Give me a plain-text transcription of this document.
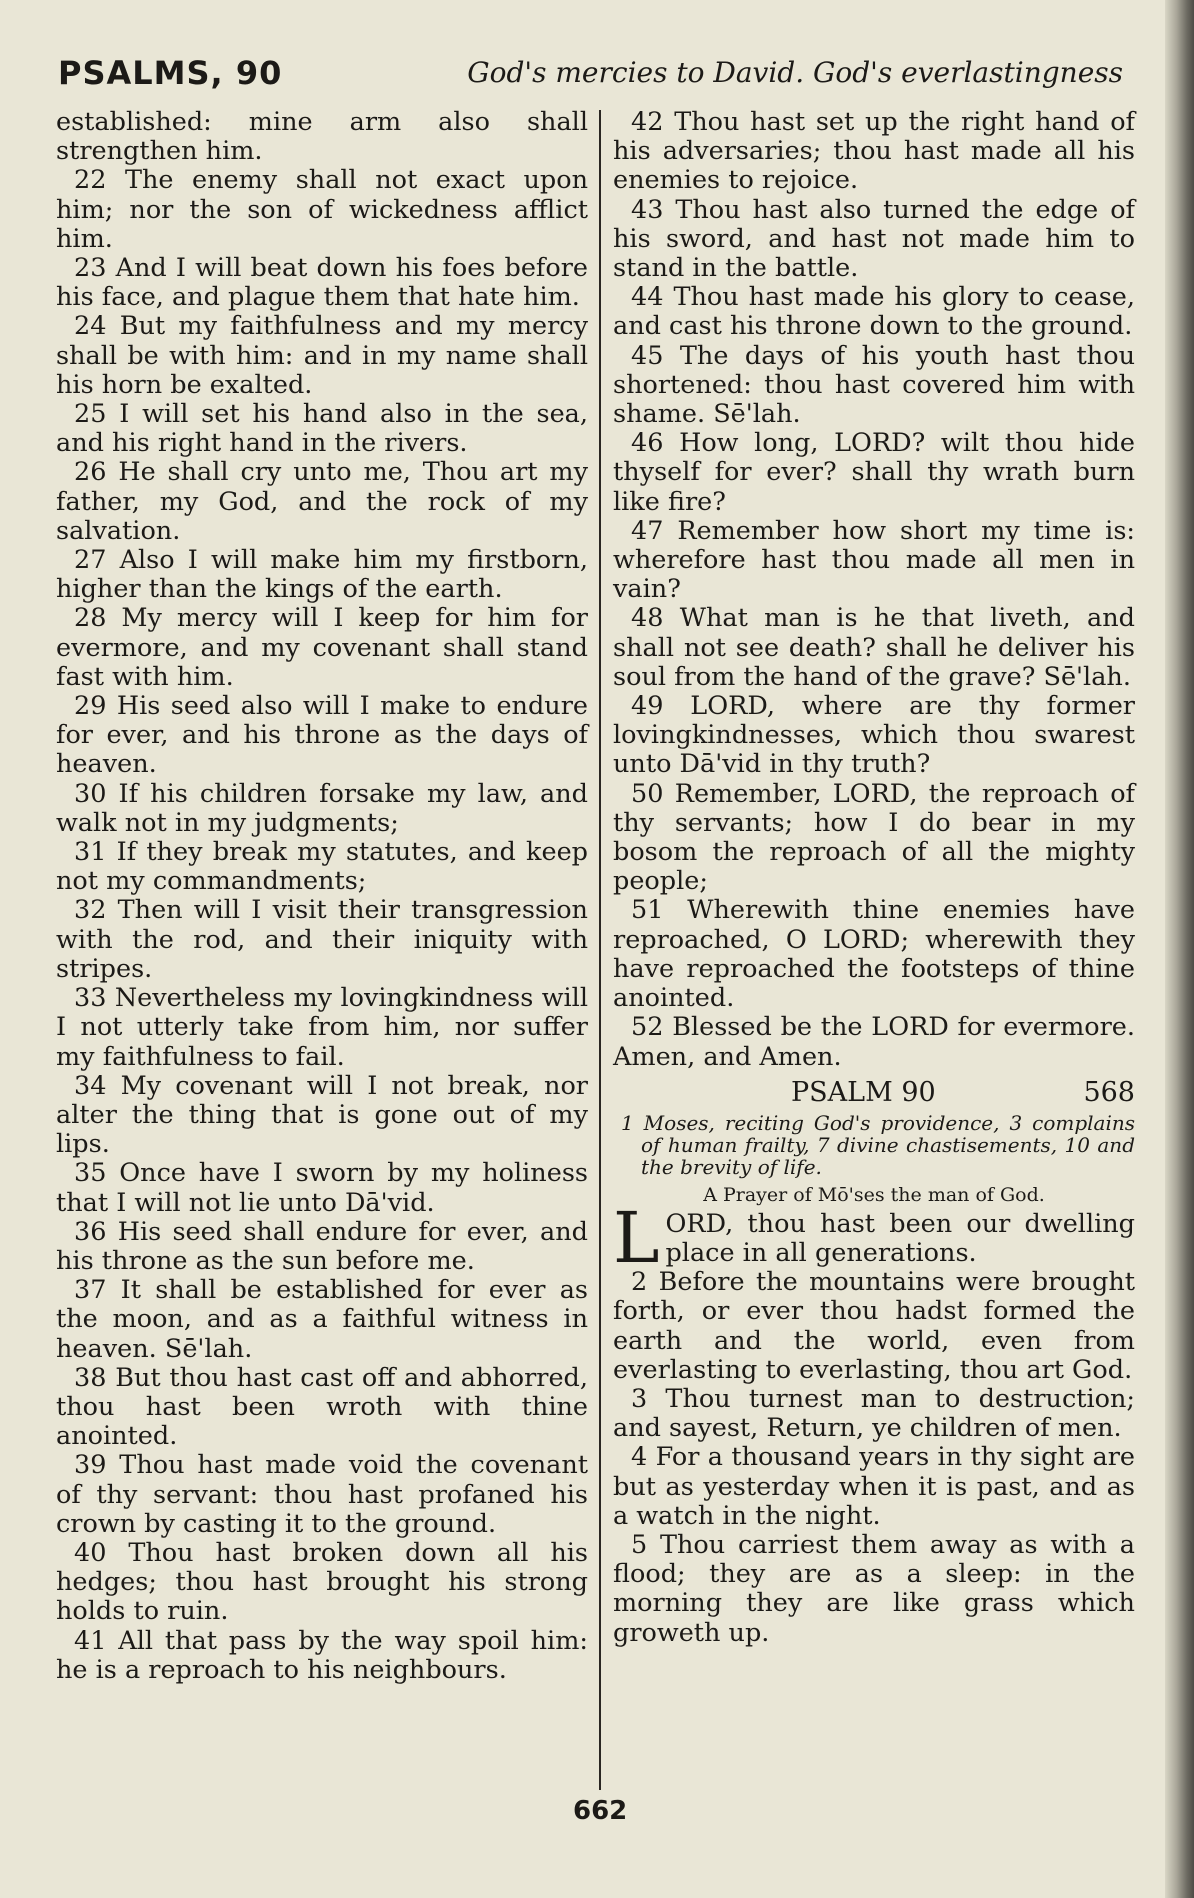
PSALMS, 90	God's mercies to David. God's everlastingness

established: mine arm also shall strengthen him.

22 The enemy shall not exact upon him; nor the son of wickedness afflict him.

23 And I will beat down his foes before his face, and plague them that hate him.

24 But my faithfulness and my mercy shall be with him: and in my name shall his horn be exalted.

25 I will set his hand also in the sea, and his right hand in the rivers.

26 He shall cry unto me, Thou art my father, my God, and the rock of my salvation.

27 Also I will make him my firstborn, higher than the kings of the earth.

28 My mercy will I keep for him for evermore, and my covenant shall stand fast with him.

29 His seed also will I make to endure for ever, and his throne as the days of heaven.

30 If his children forsake my law, and walk not in my judgments;

31 If they break my statutes, and keep not my commandments;

32 Then will I visit their transgression with the rod, and their iniquity with stripes.

33 Nevertheless my lovingkindness will I not utterly take from him, nor suffer my faithfulness to fail.

34 My covenant will I not break, nor alter the thing that is gone out of my lips.

35 Once have I sworn by my holiness that I will not lie unto Dā'vid.

36 His seed shall endure for ever, and his throne as the sun before me.

37 It shall be established for ever as the moon, and as a faithful witness in heaven. Sē'lah.

38 But thou hast cast off and abhorred, thou hast been wroth with thine anointed.

39 Thou hast made void the covenant of thy servant: thou hast profaned his crown by casting it to the ground.

40 Thou hast broken down all his hedges; thou hast brought his strong holds to ruin.

41 All that pass by the way spoil him: he is a reproach to his neighbours.

42 Thou hast set up the right hand of his adversaries; thou hast made all his enemies to rejoice.

43 Thou hast also turned the edge of his sword, and hast not made him to stand in the battle.

44 Thou hast made his glory to cease, and cast his throne down to the ground.

45 The days of his youth hast thou shortened: thou hast covered him with shame. Sē'lah.

46 How long, LORD? wilt thou hide thyself for ever? shall thy wrath burn like fire?

47 Remember how short my time is: wherefore hast thou made all men in vain?

48 What man is he that liveth, and shall not see death? shall he deliver his soul from the hand of the grave? Sē'lah.

49 LORD, where are thy former lovingkindnesses, which thou swarest unto Dā'vid in thy truth?

50 Remember, LORD, the reproach of thy servants; how I do bear in my bosom the reproach of all the mighty people;

51 Wherewith thine enemies have reproached, O LORD; wherewith they have reproached the footsteps of thine anointed.

52 Blessed be the LORD for evermore. Amen, and Amen.

PSALM 90	568

1 Moses, reciting God's providence, 3 complains of human frailty, 7 divine chastisements, 10 and the brevity of life.

A Prayer of Mō'ses the man of God.

L ORD, thou hast been our dwelling place in all generations.

2 Before the mountains were brought forth, or ever thou hadst formed the earth and the world, even from everlasting to everlasting, thou art God.

3 Thou turnest man to destruction; and sayest, Return, ye children of men.

4 For a thousand years in thy sight are but as yesterday when it is past, and as a watch in the night.

5 Thou carriest them away as with a flood; they are as a sleep: in the morning they are like grass which groweth up.

662
